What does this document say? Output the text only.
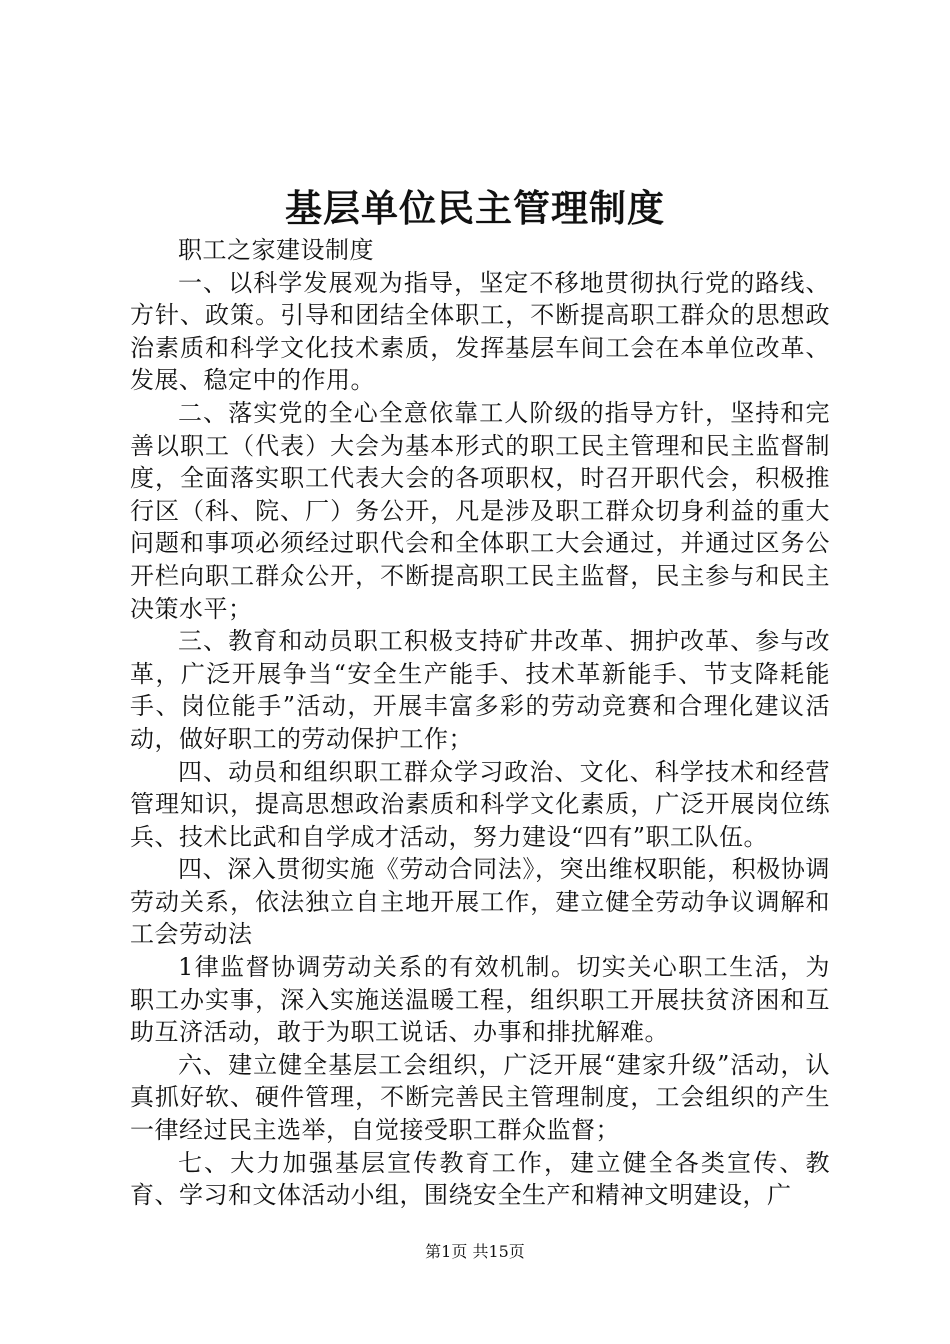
基层单位民主管理制度

职工之家建设制度

一、以科学发展观为指导，坚定不移地贯彻执行党的路线、方针、政策。引导和团结全体职工，不断提高职工群众的思想政治素质和科学文化技术素质，发挥基层车间工会在本单位改革、发展、稳定中的作用。

二、落实党的全心全意依靠工人阶级的指导方针，坚持和完善以职工（代表）大会为基本形式的职工民主管理和民主监督制度，全面落实职工代表大会的各项职权，时召开职代会，积极推行区（科、院、厂）务公开，凡是涉及职工群众切身利益的重大问题和事项必须经过职代会和全体职工大会通过，并通过区务公开栏向职工群众公开，不断提高职工民主监督，民主参与和民主决策水平；

三、教育和动员职工积极支持矿井改革、拥护改革、参与改革，广泛开展争当“安全生产能手、技术革新能手、节支降耗能手、岗位能手”活动，开展丰富多彩的劳动竞赛和合理化建议活动，做好职工的劳动保护工作；

四、动员和组织职工群众学习政治、文化、科学技术和经营管理知识，提高思想政治素质和科学文化素质，广泛开展岗位练兵、技术比武和自学成才活动，努力建设“四有”职工队伍。

四、深入贯彻实施《劳动合同法》，突出维权职能，积极协调劳动关系，依法独立自主地开展工作，建立健全劳动争议调解和工会劳动法

1律监督协调劳动关系的有效机制。切实关心职工生活，为职工办实事，深入实施送温暖工程，组织职工开展扶贫济困和互助互济活动，敢于为职工说话、办事和排扰解难。

六、建立健全基层工会组织，广泛开展“建家升级”活动，认真抓好软、硬件管理，不断完善民主管理制度，工会组织的产生一律经过民主选举，自觉接受职工群众监督；

七、大力加强基层宣传教育工作，建立健全各类宣传、教育、学习和文体活动小组，围绕安全生产和精神文明建设，广

第1页 共15页
